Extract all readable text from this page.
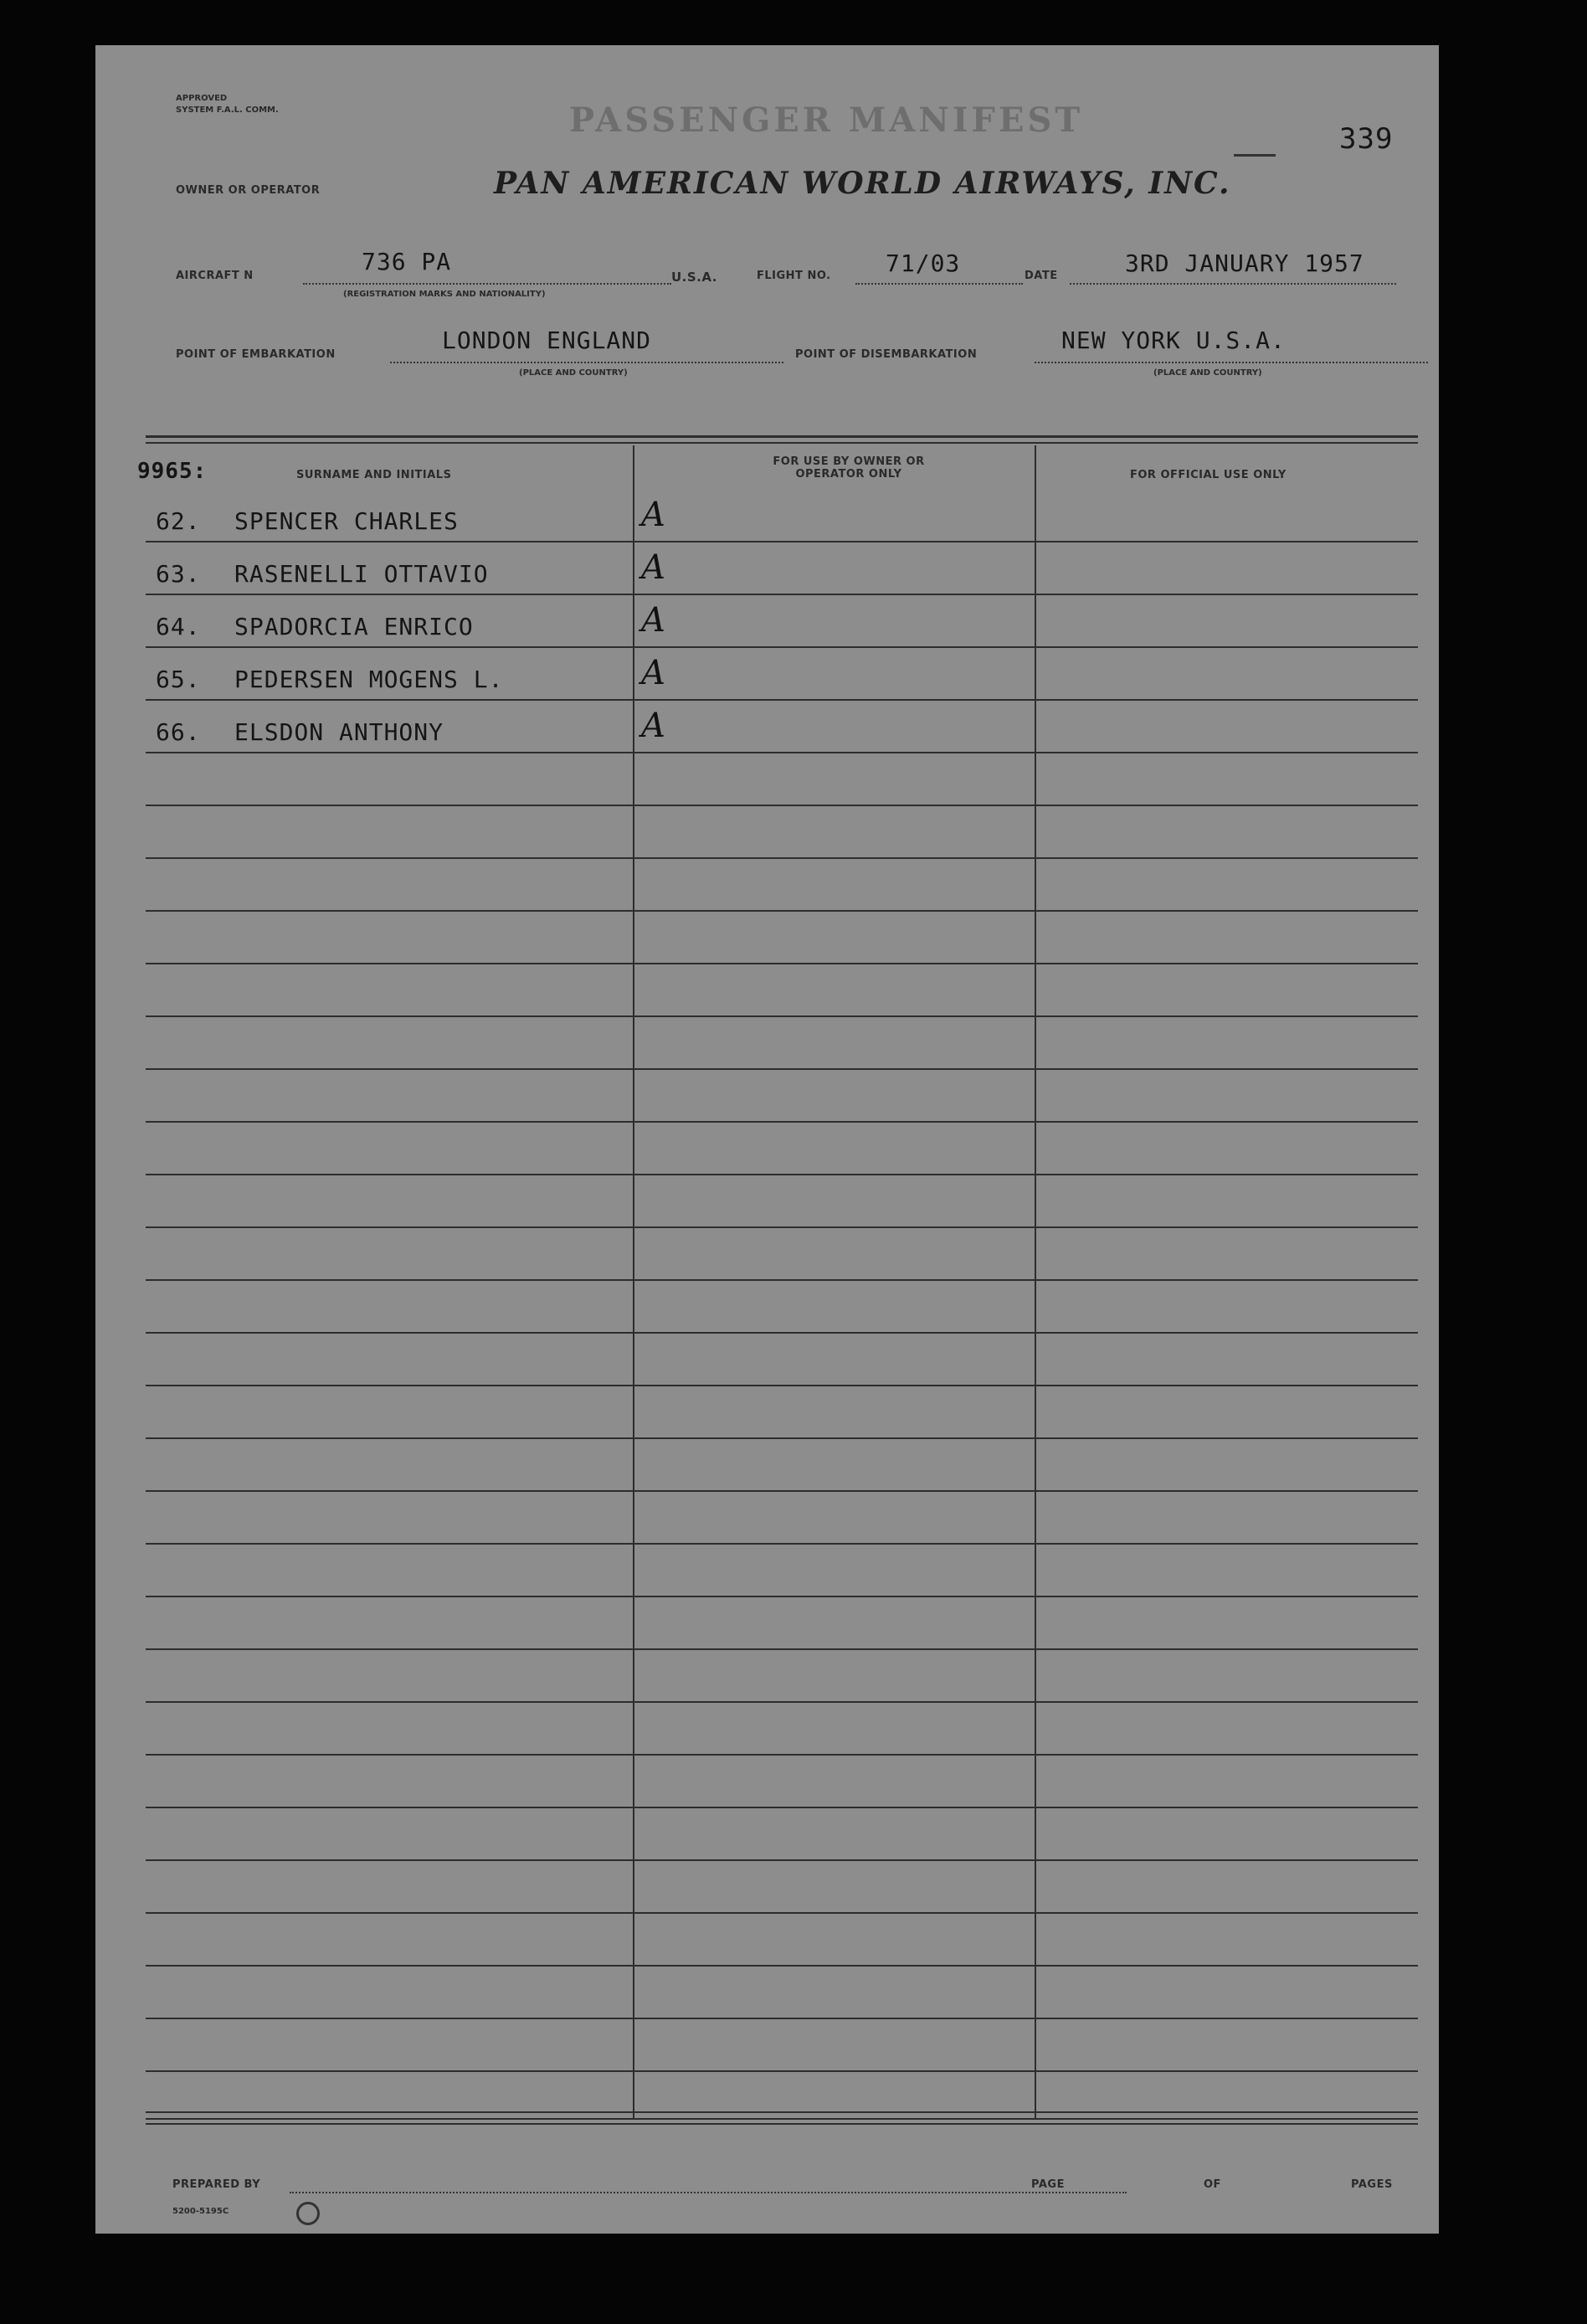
APPROVED
SYSTEM F.A.L. COMM.	PASSENGER MANIFEST	339
OWNER OR OPERATOR	PAN AMERICAN WORLD AIRWAYS, INC.
AIRCRAFT N
736 PA
(REGISTRATION MARKS AND NATIONALITY)
U.S.A.	FLIGHT NO. 71/03	DATE	3RD JANUARY 1957
POINT OF EMBARKATION
LONDON ENGLAND
(PLACE AND COUNTRY)
POINT OF DISEMBARKATION
NEW YORK U.S.A.
(PLACE AND COUNTRY)
9965:	SURNAME AND INITIALS
FOR USE BY OWNER OR OPERATOR ONLY	FOR OFFICIAL USE ONLY
62. SPENCER CHARLES	A
63. RASENELLI OTTAVIO	A
64. SPADORCIA ENRICO	A
65. PEDERSEN MOGENS L.	A
66. ELSDON ANTHONY	A
PREPARED BY	PAGE	OF	PAGES
5200-5195C
